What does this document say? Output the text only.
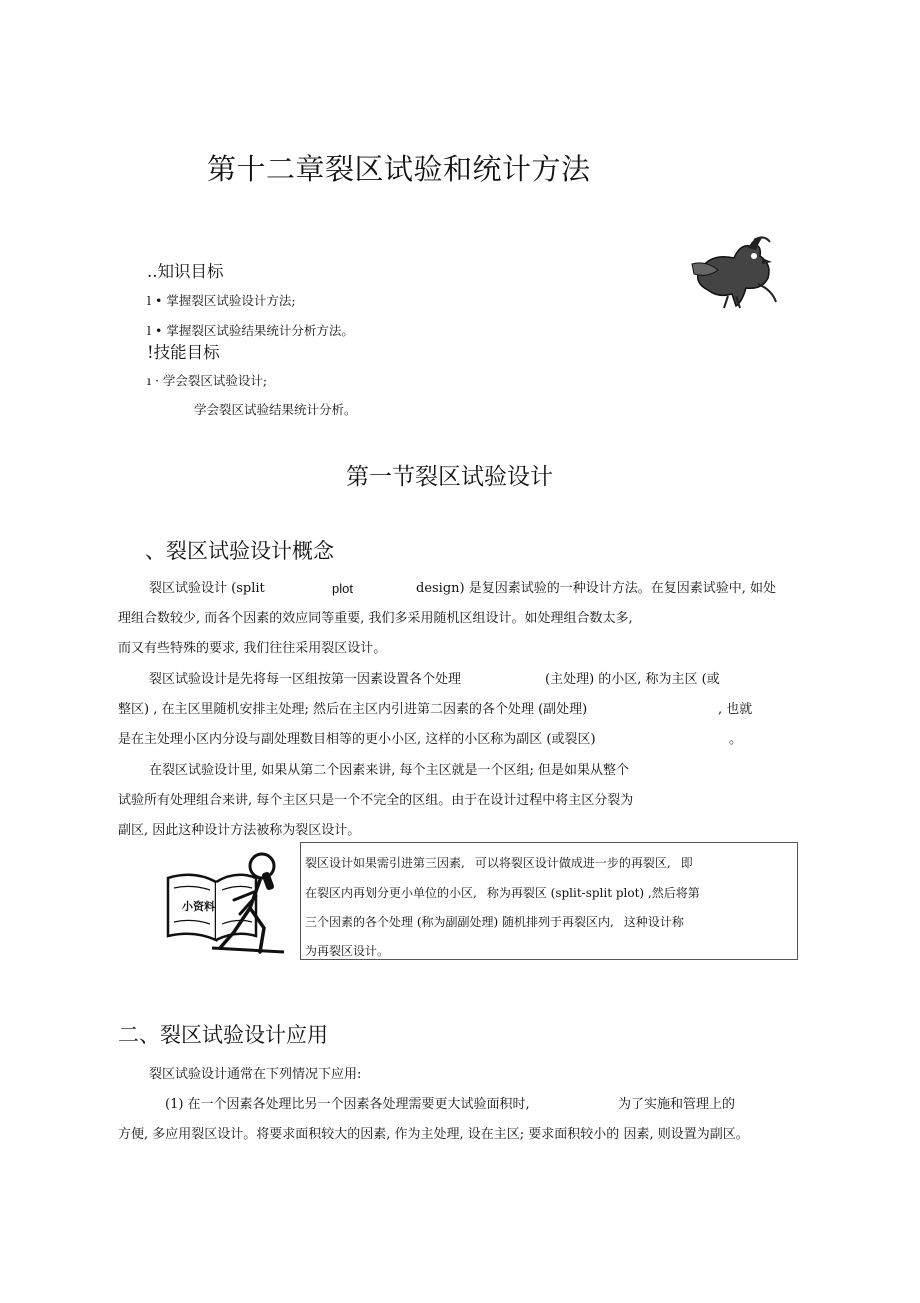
第十二章裂区试验和统计方法
..知识目标
l • 掌握裂区试验设计方法;
l • 掌握裂区试验结果统计分析方法。
!技能目标
ı · 学会裂区试验设计;
学会裂区试验结果统计分析。
第一节裂区试验设计
、裂区试验设计概念
裂区试验设计 (split	plot	design) 是复因素试验的一种设计方法。在复因素试验中, 如处
理组合数较少, 而各个因素的效应同等重要, 我们多采用随机区组设计。如处理组合数太多,
而又有些特殊的要求, 我们往往采用裂区设计。
裂区试验设计是先将每一区组按第一因素设置各个处理	(主处理) 的小区, 称为主区 (或
整区) , 在主区里随机安排主处理; 然后在主区内引进第二因素的各个处理 (副处理)	, 也就
是在主处理小区内分设与副处理数目相等的更小小区, 这样的小区称为副区 (或裂区)	。
在裂区试验设计里, 如果从第二个因素来讲, 每个主区就是一个区组; 但是如果从整个
试验所有处理组合来讲, 每个主区只是一个不完全的区组。由于在设计过程中将主区分裂为
副区, 因此这种设计方法被称为裂区设计。
小资料
裂区设计如果需引进第三因素, 可以将裂区设计做成进一步的再裂区, 即
在裂区内再划分更小单位的小区, 称为再裂区 (split-split plot) ,然后将第
三个因素的各个处理 (称为副副处理) 随机排列于再裂区内, 这种设计称
为再裂区设计。
二、裂区试验设计应用
裂区试验设计通常在下列情况下应用:
(1) 在一个因素各处理比另一个因素各处理需要更大试验面积时,	为了实施和管理上的
方便, 多应用裂区设计。将要求面积较大的因素, 作为主处理, 设在主区; 要求面积较小的 因素, 则设置为副区。
